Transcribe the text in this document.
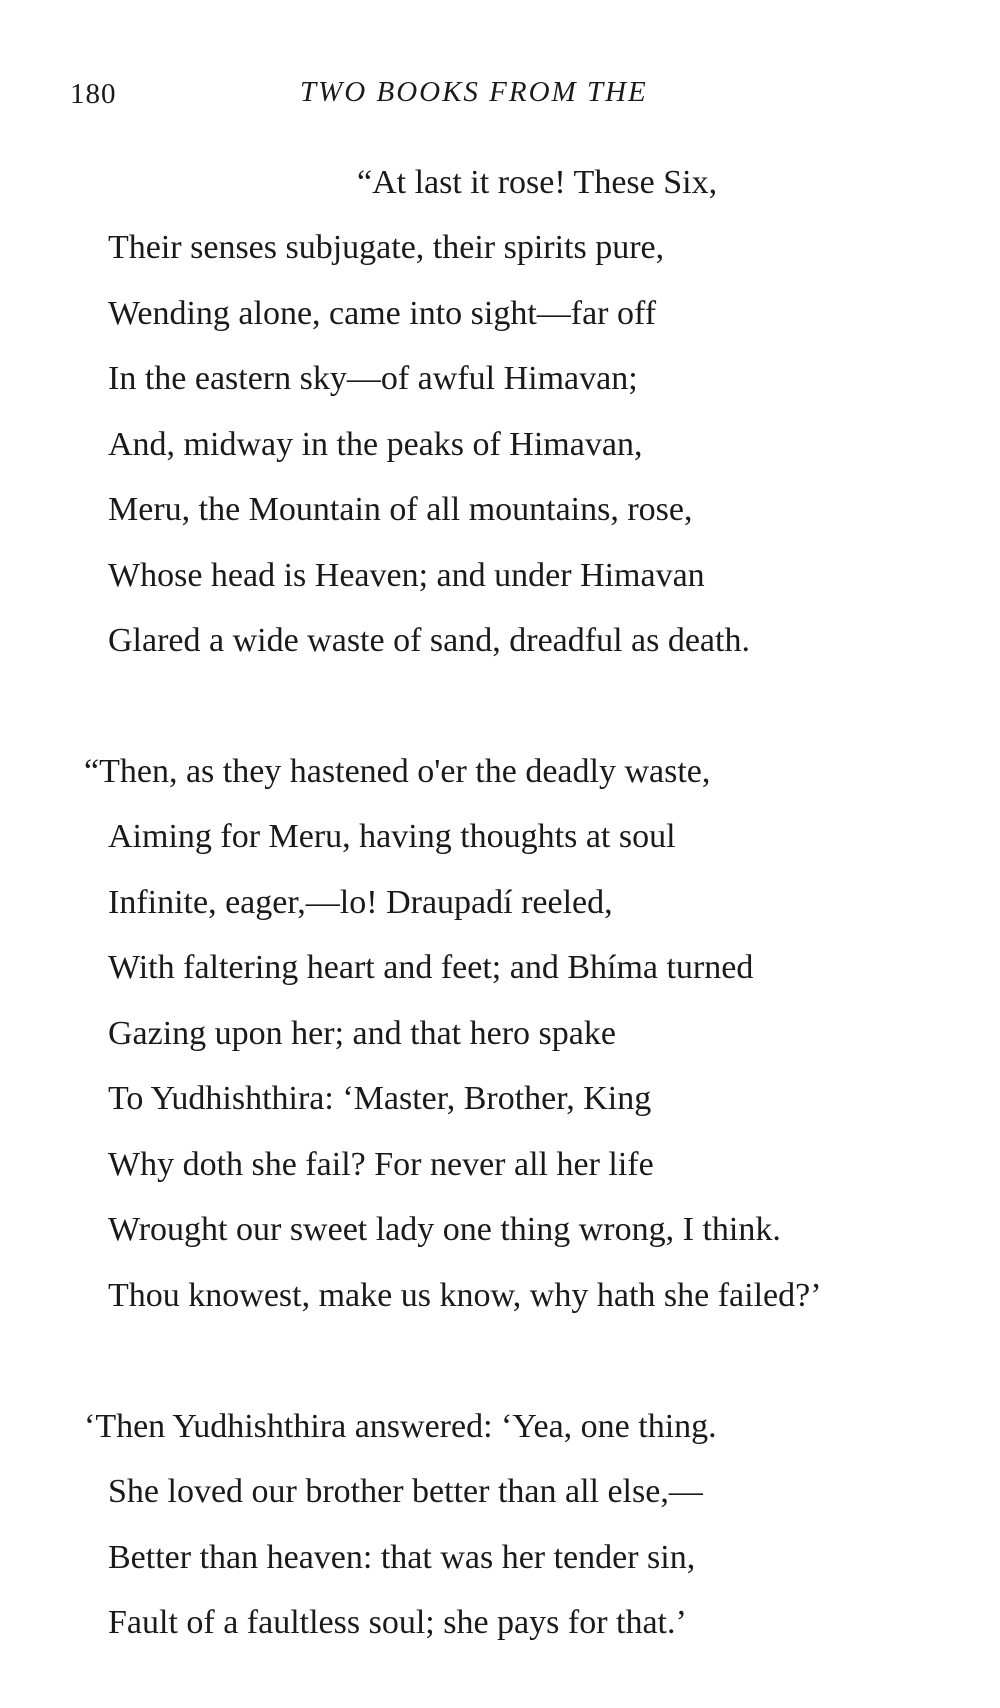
180	TWO BOOKS FROM THE
“At last it rose! These Six,
Their senses subjugate, their spirits pure,
Wending alone, came into sight—far off
In the eastern sky—of awful Himavan;
And, midway in the peaks of Himavan,
Meru, the Mountain of all mountains, rose,
Whose head is Heaven; and under Himavan
Glared a wide waste of sand, dreadful as death.
“Then, as they hastened o'er the deadly waste,
Aiming for Meru, having thoughts at soul
Infinite, eager,—lo! Draupadí reeled,
With faltering heart and feet; and Bhíma turned
Gazing upon her; and that hero spake
To Yudhishthira: ‘Master, Brother, King
Why doth she fail? For never all her life
Wrought our sweet lady one thing wrong, I think.
Thou knowest, make us know, why hath she failed?’
‘Then Yudhishthira answered: ‘Yea, one thing.
She loved our brother better than all else,—
Better than heaven: that was her tender sin,
Fault of a faultless soul; she pays for that.’
